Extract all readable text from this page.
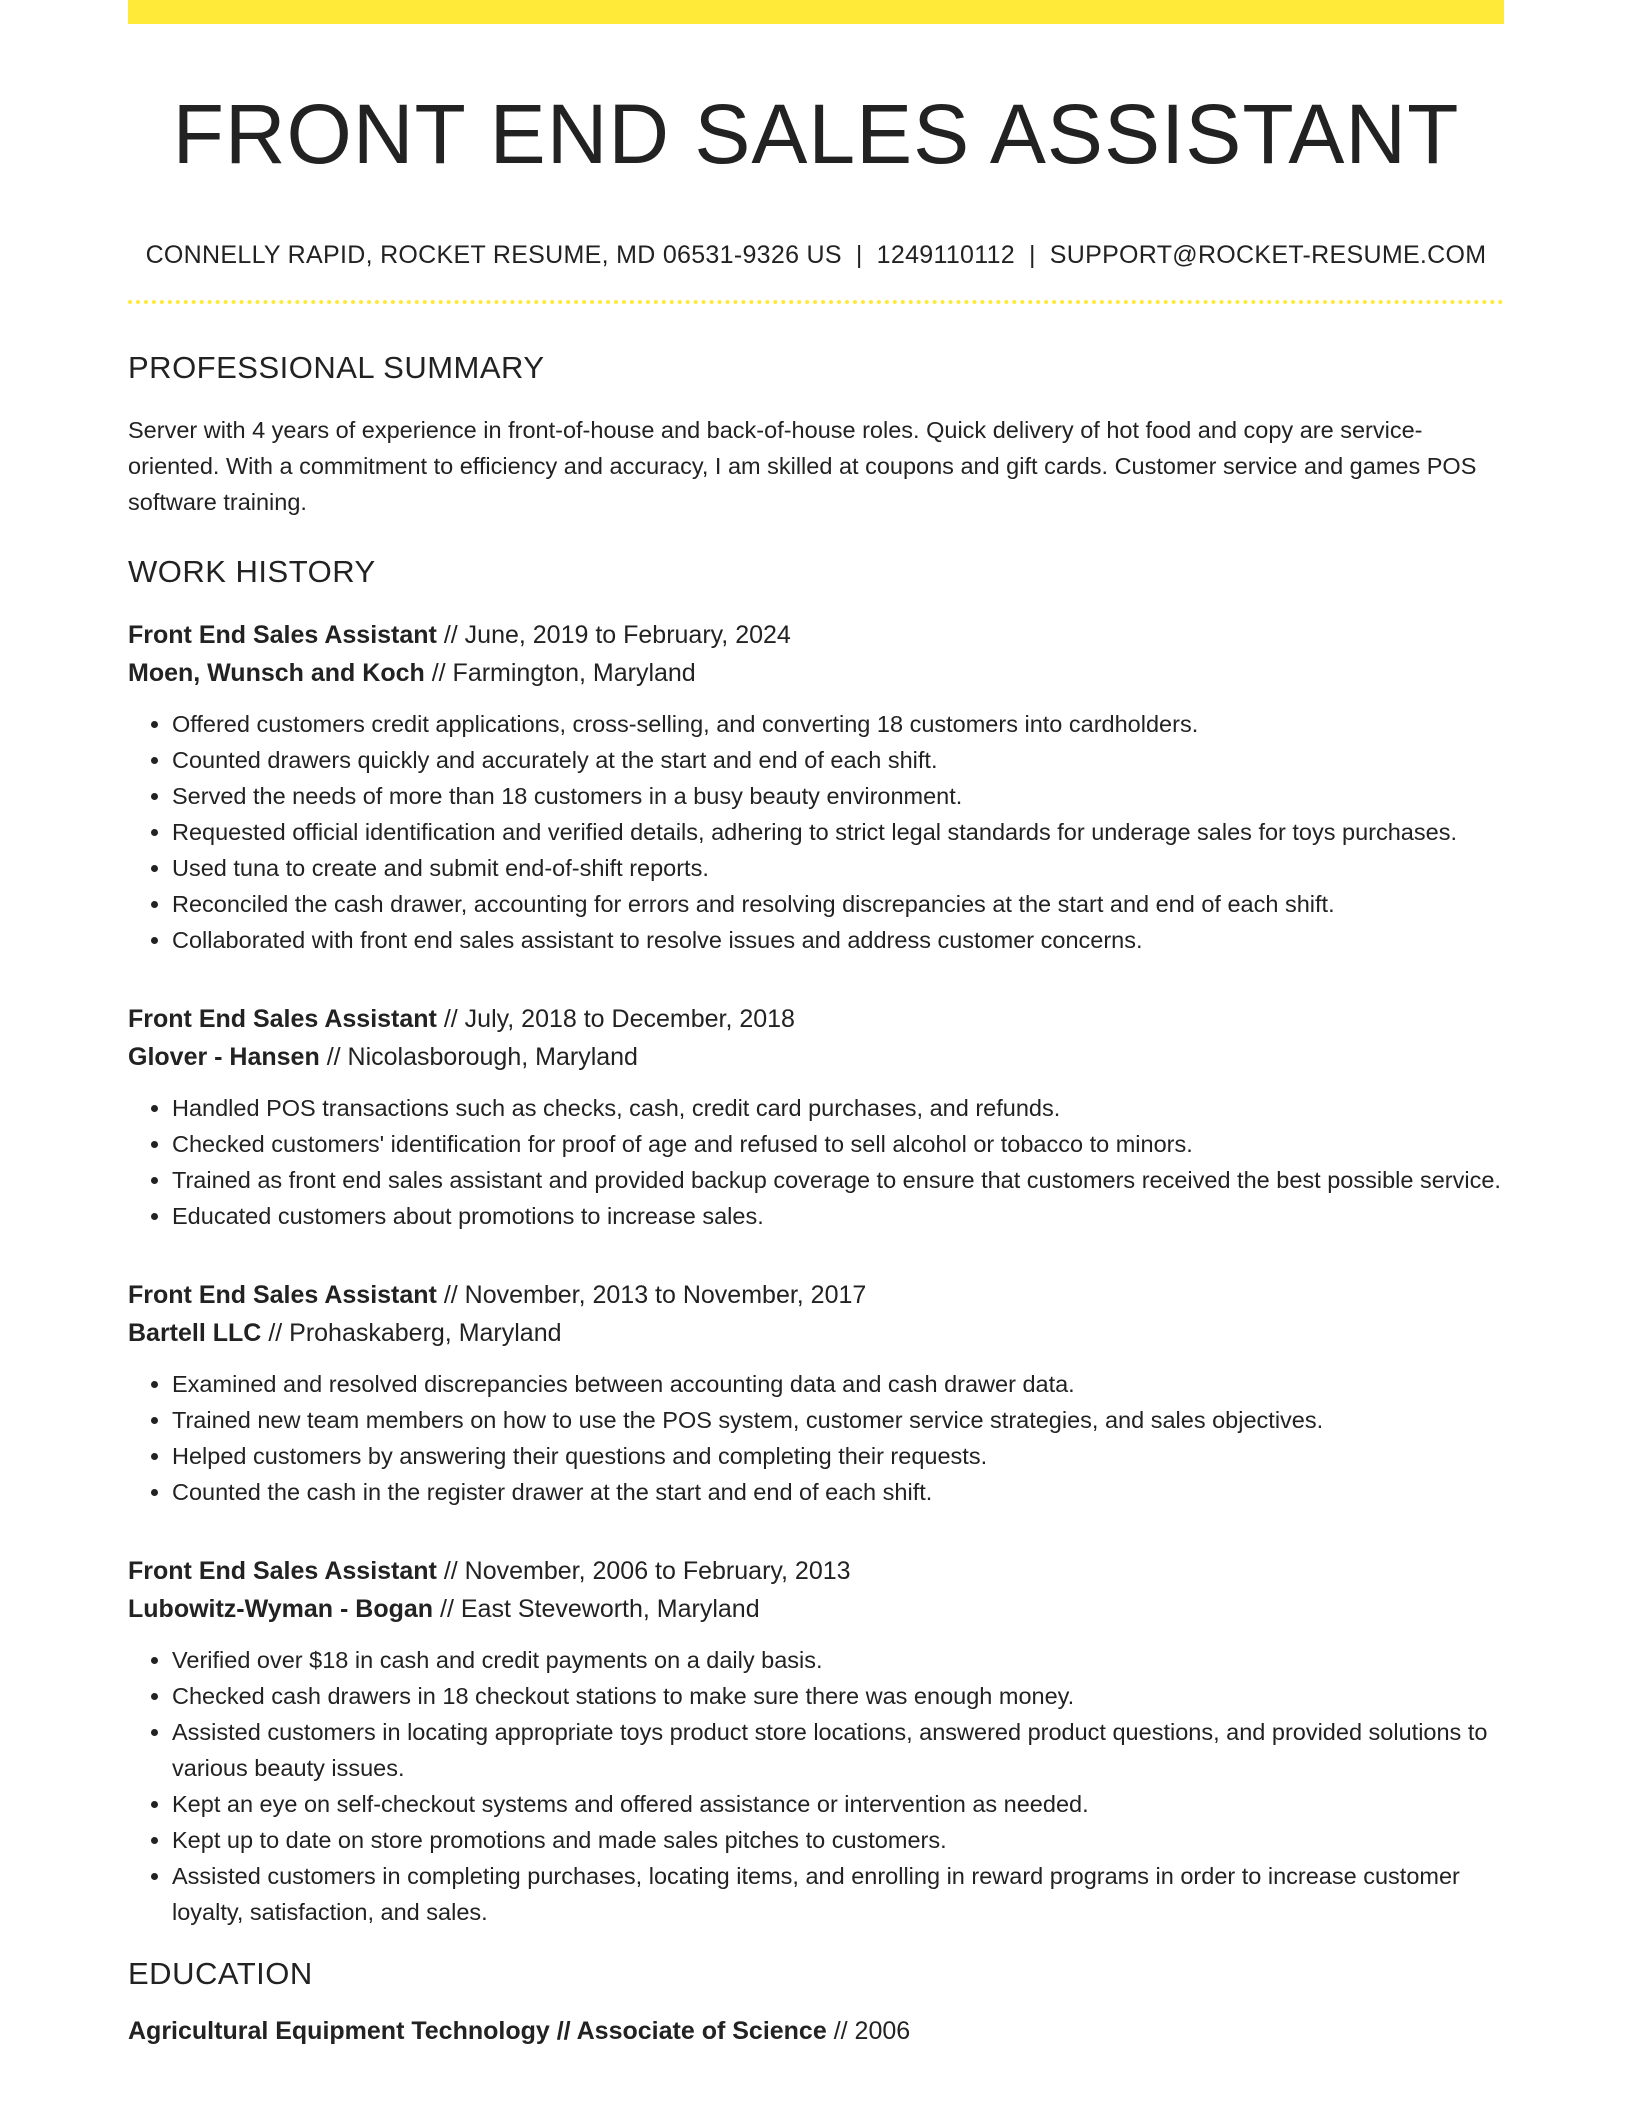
FRONT END SALES ASSISTANT
CONNELLY RAPID, ROCKET RESUME, MD 06531-9326 US | 1249110112 | SUPPORT@ROCKET-RESUME.COM
PROFESSIONAL SUMMARY

Server with 4 years of experience in front-of-house and back-of-house roles. Quick delivery of hot food and copy are service-oriented. With a commitment to efficiency and accuracy, I am skilled at coupons and gift cards. Customer service and games POS software training.

WORK HISTORY
Front End Sales Assistant // June, 2019 to February, 2024
Moen, Wunsch and Koch // Farmington, Maryland
• Offered customers credit applications, cross-selling, and converting 18 customers into cardholders.
• Counted drawers quickly and accurately at the start and end of each shift.
• Served the needs of more than 18 customers in a busy beauty environment.
• Requested official identification and verified details, adhering to strict legal standards for underage sales for toys purchases.
• Used tuna to create and submit end-of-shift reports.
• Reconciled the cash drawer, accounting for errors and resolving discrepancies at the start and end of each shift.
• Collaborated with front end sales assistant to resolve issues and address customer concerns.
Front End Sales Assistant // July, 2018 to December, 2018
Glover - Hansen // Nicolasborough, Maryland
• Handled POS transactions such as checks, cash, credit card purchases, and refunds.
• Checked customers' identification for proof of age and refused to sell alcohol or tobacco to minors.
• Trained as front end sales assistant and provided backup coverage to ensure that customers received the best possible service.
• Educated customers about promotions to increase sales.
Front End Sales Assistant // November, 2013 to November, 2017
Bartell LLC // Prohaskaberg, Maryland
• Examined and resolved discrepancies between accounting data and cash drawer data.
• Trained new team members on how to use the POS system, customer service strategies, and sales objectives.
• Helped customers by answering their questions and completing their requests.
• Counted the cash in the register drawer at the start and end of each shift.
Front End Sales Assistant // November, 2006 to February, 2013
Lubowitz-Wyman - Bogan // East Steveworth, Maryland
• Verified over $18 in cash and credit payments on a daily basis.
• Checked cash drawers in 18 checkout stations to make sure there was enough money.
• Assisted customers in locating appropriate toys product store locations, answered product questions, and provided solutions to various beauty issues.
• Kept an eye on self-checkout systems and offered assistance or intervention as needed.
• Kept up to date on store promotions and made sales pitches to customers.
• Assisted customers in completing purchases, locating items, and enrolling in reward programs in order to increase customer loyalty, satisfaction, and sales.
EDUCATION
Agricultural Equipment Technology // Associate of Science // 2006
